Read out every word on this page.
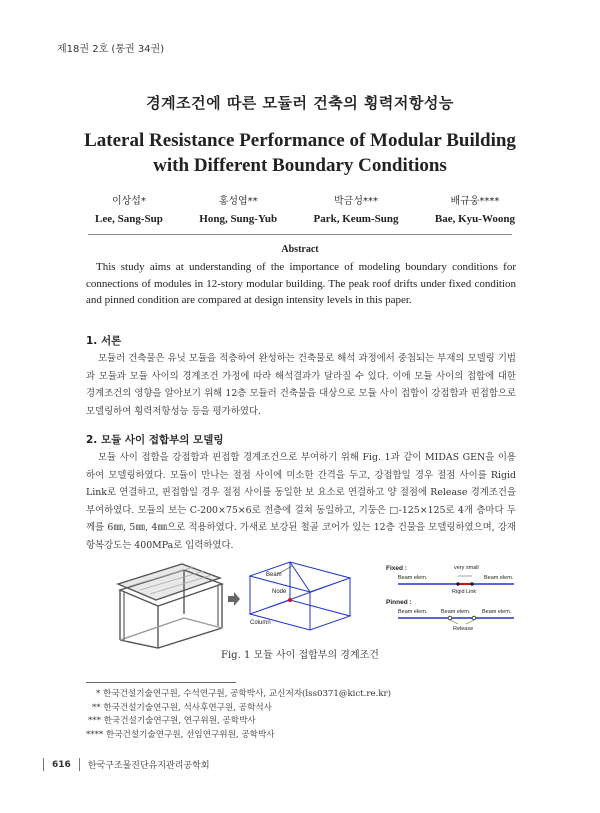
제18권 2호 (통권 34권)
경계조건에 따른 모듈러 건축의 횡력저항성능
Lateral Resistance Performance of Modular Building
with Different Boundary Conditions
이상섭*
Lee, Sang-Sup
홍성엽**
Hong, Sung-Yub
박금성***
Park, Keum-Sung
배규웅****
Bae, Kyu-Woong
Abstract
This study aims at understanding of the importance of modeling boundary conditions for connections of modules in 12-story modular building. The peak roof drifts under fixed condition and pinned condition are compared at design intensity levels in this paper.
1. 서론
모듈러 건축물은 유닛 모듈을 적층하여 완성하는 건축물로 해석 과정에서 중첩되는 부재의 모델링 기법과 모듈과 모듈 사이의 경계조건 가정에 따라 해석결과가 달라질 수 있다. 이에 모듈 사이의 접합에 대한 경계조건의 영향을 알아보기 위해 12층 모듈러 건축물을 대상으로 모듈 사이 접합이 강접합과 핀접합으로 모델링하여 횡력저항성능 등을 평가하였다.
2. 모듈 사이 접합부의 모델링
모듈 사이 접합을 강접합과 핀접합 경계조건으로 부여하기 위해 Fig. 1과 같이 MIDAS GEN을 이용하여 모델링하였다. 모듈이 만나는 절점 사이에 미소한 간격을 두고, 강접합일 경우 절점 사이를 Rigid Link로 연결하고, 핀접합일 경우 절점 사이를 동일한 보 요소로 연결하고 양 절점에 Release 경계조건을 부여하였다. 모듈의 보는 C-200×75×6로 전층에 걸쳐 동일하고, 기둥은 □-125×125로 4개 층마다 두께를 6㎜, 5㎜, 4㎜으로 적용하였다. 가새로 보강된 철골 코어가 있는 12층 건물을 모델링하였으며, 강재 항복강도는 400MPa로 입력하였다.
Beam
Node
Column
Fixed :	very small
Beam elem.	Beam elem.
Rigid Link
Pinned :
Beam elem. Beam elem. Beam elem.
Release
Fig. 1 모듈 사이 접합부의 경계조건
* 한국건설기술연구원, 수석연구원, 공학박사, 교신저자(lss0371@kict.re.kr)
** 한국건설기술연구원, 석사후연구원, 공학석사
*** 한국건설기술연구원, 연구위원, 공학박사
**** 한국건설기술연구원, 선임연구위원, 공학박사
616 한국구조물진단유지관리공학회
